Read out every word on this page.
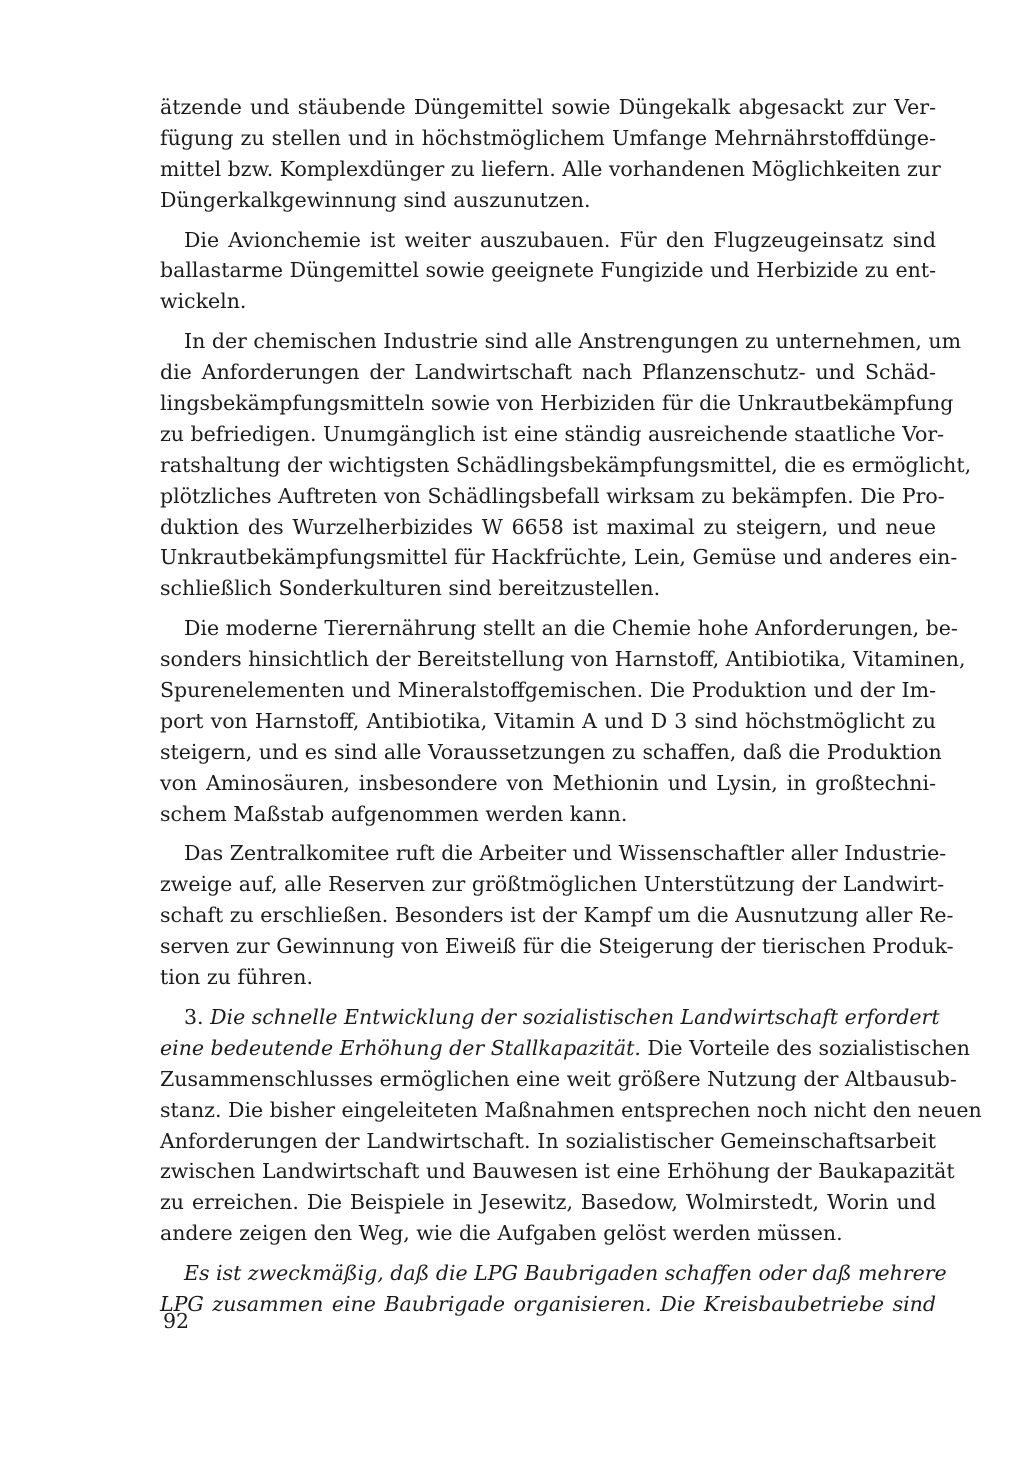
ätzende und stäubende Düngemittel sowie Düngekalk abgesackt zur Ver-
fügung zu stellen und in höchstmöglichem Umfange Mehrnährstoffdünge-
mittel bzw. Komplexdünger zu liefern. Alle vorhandenen Möglichkeiten zur
Düngerkalkgewinnung sind auszunutzen.
Die Avionchemie ist weiter auszubauen. Für den Flugzeugeinsatz sind
ballastarme Düngemittel sowie geeignete Fungizide und Herbizide zu ent-
wickeln.
In der chemischen Industrie sind alle Anstrengungen zu unternehmen, um
die Anforderungen der Landwirtschaft nach Pflanzenschutz- und Schäd-
lingsbekämpfungsmitteln sowie von Herbiziden für die Unkrautbekämpfung
zu befriedigen. Unumgänglich ist eine ständig ausreichende staatliche Vor-
ratshaltung der wichtigsten Schädlingsbekämpfungsmittel, die es ermöglicht,
plötzliches Auftreten von Schädlingsbefall wirksam zu bekämpfen. Die Pro-
duktion des Wurzelherbizides W 6658 ist maximal zu steigern, und neue
Unkrautbekämpfungsmittel für Hackfrüchte, Lein, Gemüse und anderes ein-
schließlich Sonderkulturen sind bereitzustellen.
Die moderne Tierernährung stellt an die Chemie hohe Anforderungen, be-
sonders hinsichtlich der Bereitstellung von Harnstoff, Antibiotika, Vitaminen,
Spurenelementen und Mineralstoffgemischen. Die Produktion und der Im-
port von Harnstoff, Antibiotika, Vitamin A und D 3 sind höchstmöglicht zu
steigern, und es sind alle Voraussetzungen zu schaffen, daß die Produktion
von Aminosäuren, insbesondere von Methionin und Lysin, in großtechni-
schem Maßstab aufgenommen werden kann.
Das Zentralkomitee ruft die Arbeiter und Wissenschaftler aller Industrie-
zweige auf, alle Reserven zur größtmöglichen Unterstützung der Landwirt-
schaft zu erschließen. Besonders ist der Kampf um die Ausnutzung aller Re-
serven zur Gewinnung von Eiweiß für die Steigerung der tierischen Produk-
tion zu führen.
3. Die schnelle Entwicklung der sozialistischen Landwirtschaft erfordert
eine bedeutende Erhöhung der Stallkapazität. Die Vorteile des sozialistischen
Zusammenschlusses ermöglichen eine weit größere Nutzung der Altbausub-
stanz. Die bisher eingeleiteten Maßnahmen entsprechen noch nicht den neuen
Anforderungen der Landwirtschaft. In sozialistischer Gemeinschaftsarbeit
zwischen Landwirtschaft und Bauwesen ist eine Erhöhung der Baukapazität
zu erreichen. Die Beispiele in Jesewitz, Basedow, Wolmirstedt, Worin und
andere zeigen den Weg, wie die Aufgaben gelöst werden müssen.
Es ist zweckmäßig, daß die LPG Baubrigaden schaffen oder daß mehrere
LPG zusammen eine Baubrigade organisieren. Die Kreisbaubetriebe sind
92
